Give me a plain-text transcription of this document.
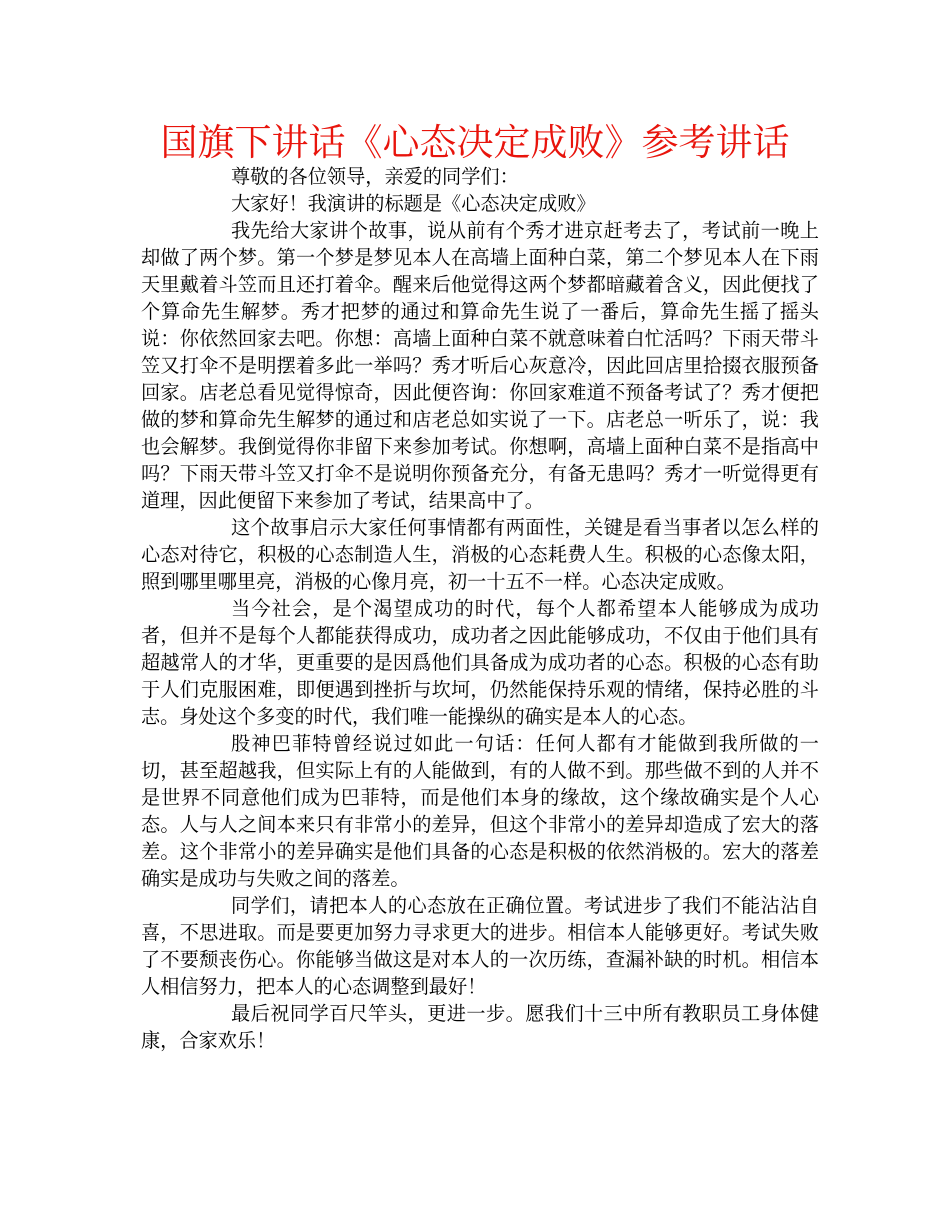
国旗下讲话《心态决定成败》参考讲话

尊敬的各位领导，亲爱的同学们：

大家好！我演讲的标题是《心态决定成败》

我先给大家讲个故事，说从前有个秀才进京赶考去了，考试前一晚上却做了两个梦。第一个梦是梦见本人在高墙上面种白菜，第二个梦见本人在下雨天里戴着斗笠而且还打着伞。醒来后他觉得这两个梦都暗藏着含义，因此便找了个算命先生解梦。秀才把梦的通过和算命先生说了一番后，算命先生摇了摇头说：你依然回家去吧。你想：高墙上面种白菜不就意味着白忙活吗？下雨天带斗笠又打伞不是明摆着多此一举吗？秀才听后心灰意冷，因此回店里拾掇衣服预备回家。店老总看见觉得惊奇，因此便咨询：你回家难道不预备考试了？秀才便把做的梦和算命先生解梦的通过和店老总如实说了一下。店老总一听乐了，说：我也会解梦。我倒觉得你非留下来参加考试。你想啊，高墙上面种白菜不是指高中吗？下雨天带斗笠又打伞不是说明你预备充分，有备无患吗？秀才一听觉得更有道理，因此便留下来参加了考试，结果高中了。

这个故事启示大家任何事情都有两面性，关键是看当事者以怎么样的心态对待它，积极的心态制造人生，消极的心态耗费人生。积极的心态像太阳，照到哪里哪里亮，消极的心像月亮，初一十五不一样。心态决定成败。

当今社会，是个渴望成功的时代，每个人都希望本人能够成为成功者，但并不是每个人都能获得成功，成功者之因此能够成功，不仅由于他们具有超越常人的才华，更重要的是因爲他们具备成为成功者的心态。积极的心态有助于人们克服困难，即便遇到挫折与坎坷，仍然能保持乐观的情绪，保持必胜的斗志。身处这个多变的时代，我们唯一能操纵的确实是本人的心态。

股神巴菲特曾经说过如此一句话：任何人都有才能做到我所做的一切，甚至超越我，但实际上有的人能做到，有的人做不到。那些做不到的人并不是世界不同意他们成为巴菲特，而是他们本身的缘故，这个缘故确实是个人心态。人与人之间本来只有非常小的差异，但这个非常小的差异却造成了宏大的落差。这个非常小的差异确实是他们具备的心态是积极的依然消极的。宏大的落差确实是成功与失败之间的落差。

同学们，请把本人的心态放在正确位置。考试进步了我们不能沾沾自喜，不思进取。而是要更加努力寻求更大的进步。相信本人能够更好。考试失败了不要颓丧伤心。你能够当做这是对本人的一次历练，查漏补缺的时机。相信本人相信努力，把本人的心态调整到最好！

最后祝同学百尺竿头，更进一步。愿我们十三中所有教职员工身体健康，合家欢乐！
